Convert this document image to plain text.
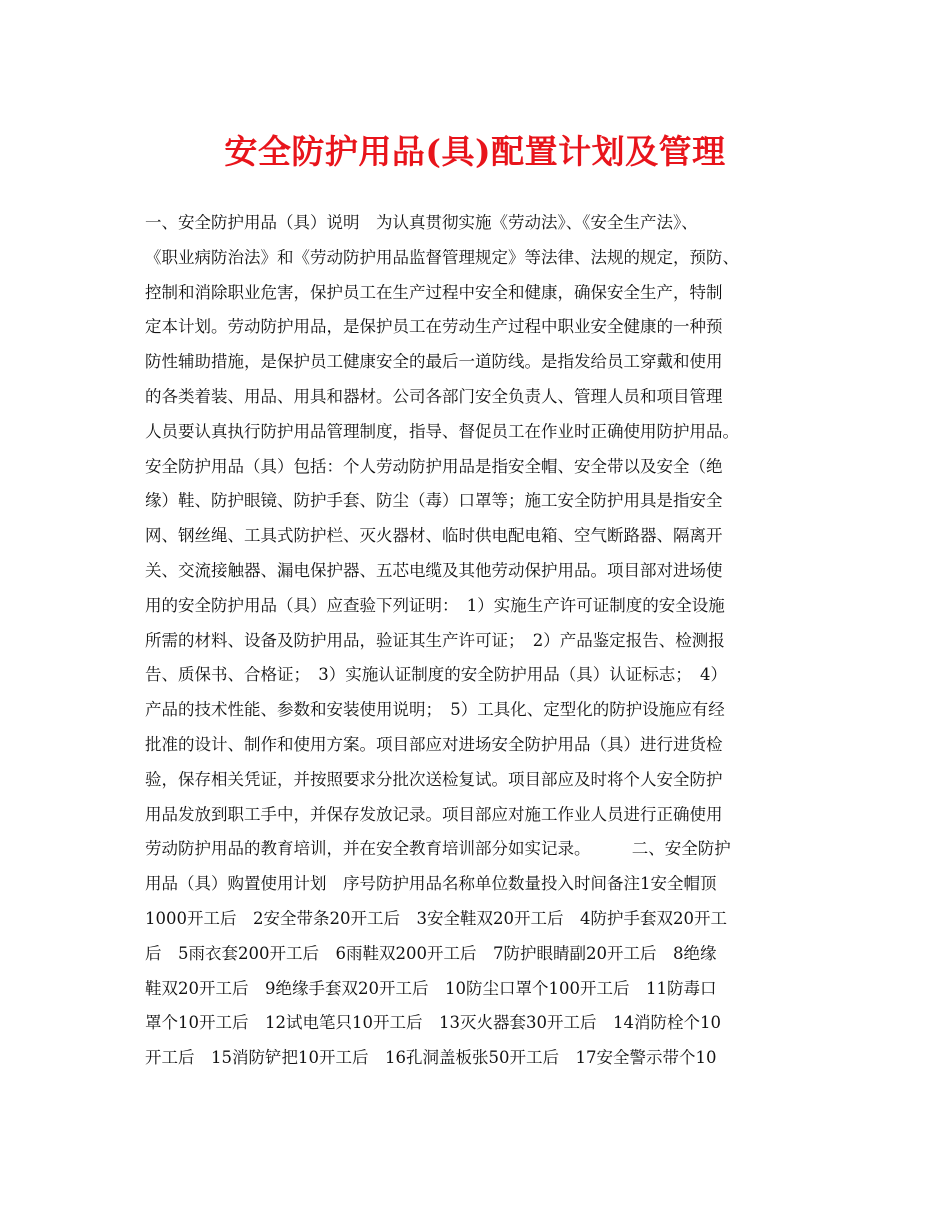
安全防护用品(具)配置计划及管理
一、安全防护用品（具）说明　为认真贯彻实施《劳动法》、《安全生产法》、
《职业病防治法》和《劳动防护用品监督管理规定》等法律、法规的规定，预防、
控制和消除职业危害，保护员工在生产过程中安全和健康，确保安全生产，特制
定本计划。劳动防护用品，是保护员工在劳动生产过程中职业安全健康的一种预
防性辅助措施，是保护员工健康安全的最后一道防线。是指发给员工穿戴和使用
的各类着装、用品、用具和器材。公司各部门安全负责人、管理人员和项目管理
人员要认真执行防护用品管理制度，指导、督促员工在作业时正确使用防护用品。
安全防护用品（具）包括：个人劳动防护用品是指安全帽、安全带以及安全（绝
缘）鞋、防护眼镜、防护手套、防尘（毒）口罩等；施工安全防护用具是指安全
网、钢丝绳、工具式防护栏、灭火器材、临时供电配电箱、空气断路器、隔离开
关、交流接触器、漏电保护器、五芯电缆及其他劳动保护用品。项目部对进场使
用的安全防护用品（具）应查验下列证明：　1）实施生产许可证制度的安全设施
所需的材料、设备及防护用品，验证其生产许可证；　2）产品鉴定报告、检测报
告、质保书、合格证；　3）实施认证制度的安全防护用品（具）认证标志；　4）
产品的技术性能、参数和安装使用说明；　5）工具化、定型化的防护设施应有经
批准的设计、制作和使用方案。项目部应对进场安全防护用品（具）进行进货检
验，保存相关凭证，并按照要求分批次送检复试。项目部应及时将个人安全防护
用品发放到职工手中，并保存发放记录。项目部应对施工作业人员进行正确使用
劳动防护用品的教育培训，并在安全教育培训部分如实记录。　　　二、安全防护
用品（具）购置使用计划　序号防护用品名称单位数量投入时间备注1安全帽顶
1000开工后　2安全带条20开工后　3安全鞋双20开工后　4防护手套双20开工
后　5雨衣套200开工后　6雨鞋双200开工后　7防护眼睛副20开工后　8绝缘
鞋双20开工后　9绝缘手套双20开工后　10防尘口罩个100开工后　11防毒口
罩个10开工后　12试电笔只10开工后　13灭火器套30开工后　14消防栓个10
开工后　15消防铲把10开工后　16孔洞盖板张50开工后　17安全警示带个10
